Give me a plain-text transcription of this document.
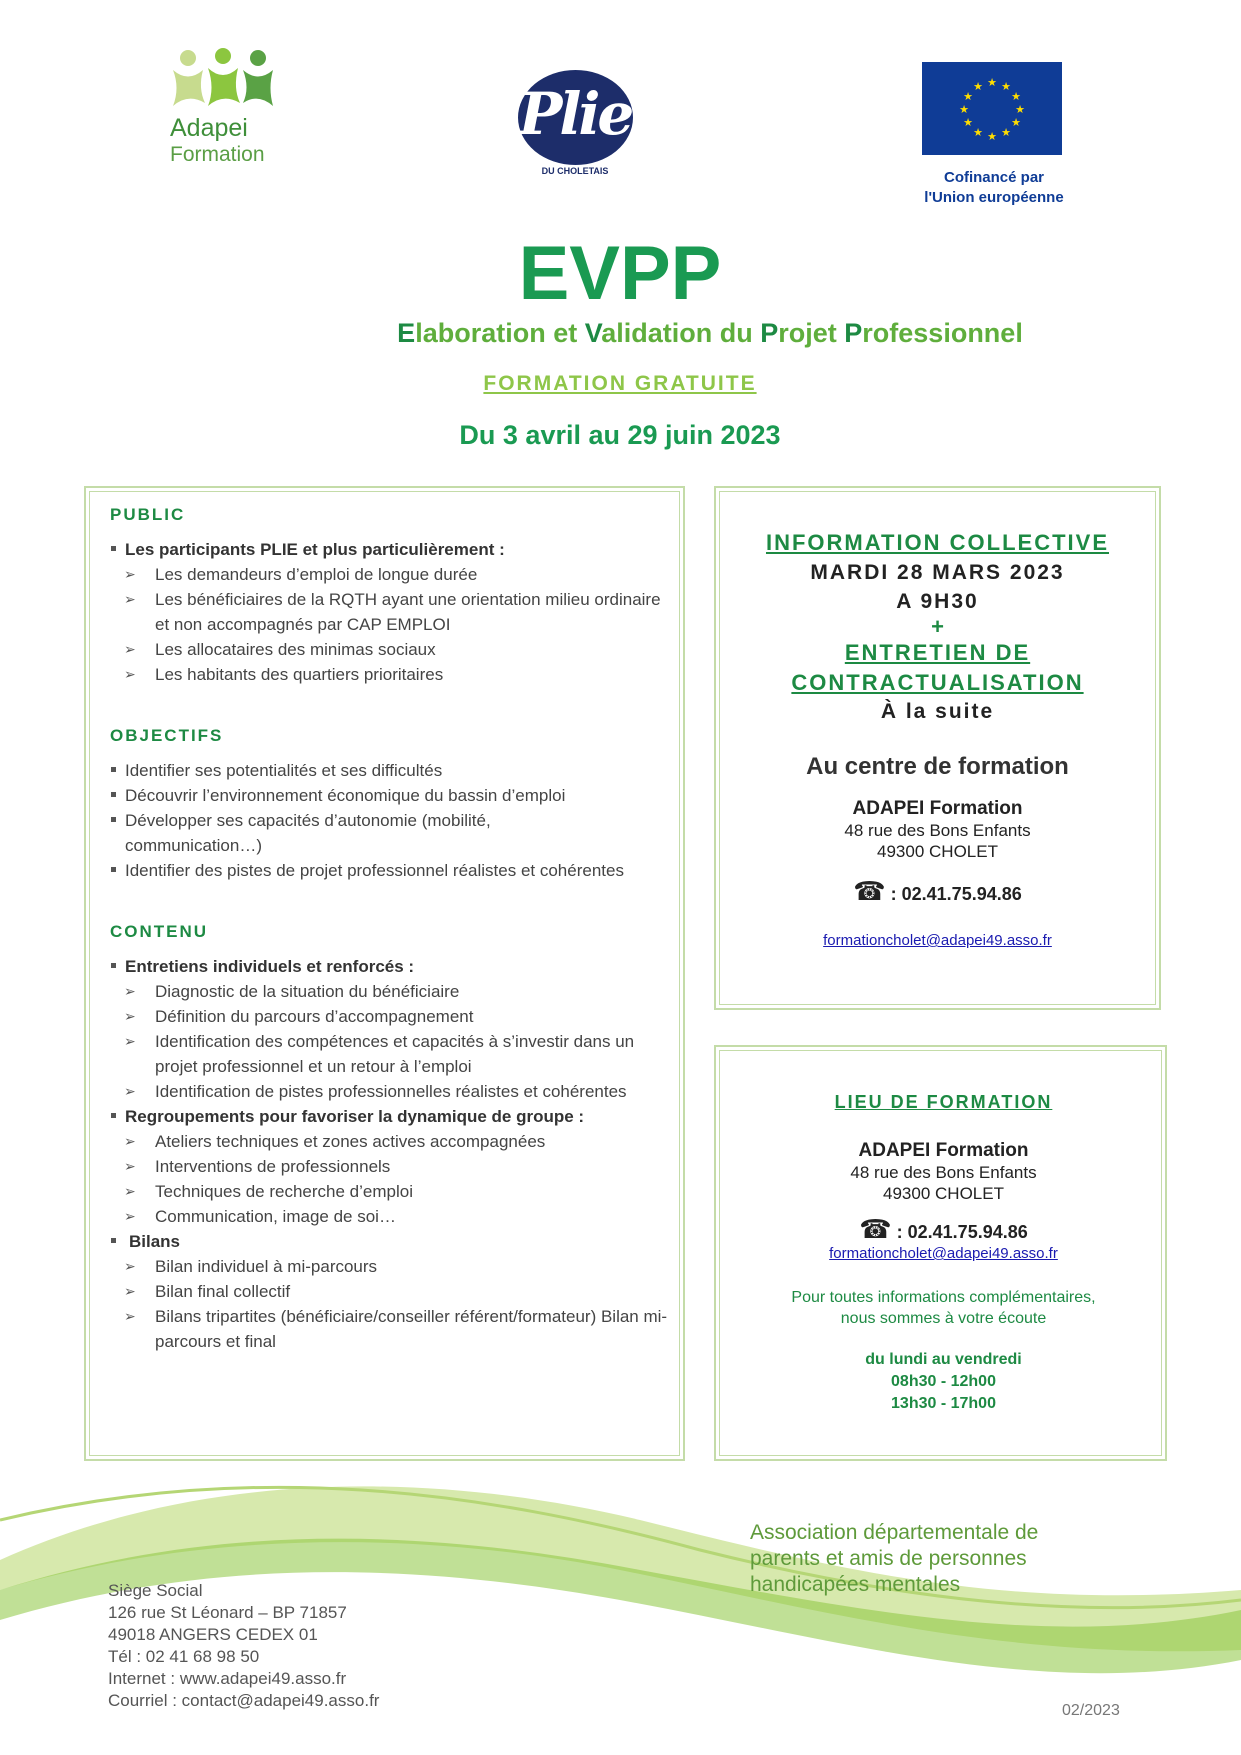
Adapei
Formation
Plie
DU CHOLETAIS
★ ★
★
★
★
★
★
★
★
★
★
★
Cofinancé par
l'Union européenne
EVPP
Elaboration et Validation du Projet Professionnel
FORMATION GRATUITE
Du 3 avril au 29 juin 2023
PUBLIC
Les participants PLIE et plus particulièrement :
➢ Les demandeurs d’emploi de longue durée
➢ Les bénéficiaires de la RQTH ayant une orientation milieu ordinaire et non accompagnés par CAP EMPLOI
➢ Les allocataires des minimas sociaux
➢ Les habitants des quartiers prioritaires
OBJECTIFS
Identifier ses potentialités et ses difficultés
Découvrir l’environnement économique du bassin d’emploi
Développer ses capacités d’autonomie (mobilité, communication…)
Identifier des pistes de projet professionnel réalistes et cohérentes
CONTENU
Entretiens individuels et renforcés :
➢ Diagnostic de la situation du bénéficiaire
➢ Définition du parcours d’accompagnement
➢ Identification des compétences et capacités à s’investir dans un projet professionnel et un retour à l’emploi
➢ Identification de pistes professionnelles réalistes et cohérentes
Regroupements pour favoriser la dynamique de groupe :
➢ Ateliers techniques et zones actives accompagnées
➢ Interventions de professionnels
➢ Techniques de recherche d’emploi
➢ Communication, image de soi…
Bilans
➢ Bilan individuel à mi-parcours
➢ Bilan final collectif
➢ Bilans tripartites (bénéficiaire/conseiller référent/formateur) Bilan mi-parcours et final
INFORMATION COLLECTIVE
MARDI 28 MARS 2023
A 9H30
+
ENTRETIEN DE
CONTRACTUALISATION
À la suite
Au centre de formation
ADAPEI Formation
48 rue des Bons Enfants
49300 CHOLET
☎ : 02.41.75.94.86
formationcholet@adapei49.asso.fr
LIEU DE FORMATION
ADAPEI Formation
48 rue des Bons Enfants
49300 CHOLET
☎ : 02.41.75.94.86
formationcholet@adapei49.asso.fr
Pour toutes informations complémentaires,
nous sommes à votre écoute
du lundi au vendredi
08h30 - 12h00
13h30 - 17h00
Association départementale de
parents et amis de personnes
handicapées mentales
Siège Social
126 rue St Léonard – BP 71857
49018 ANGERS CEDEX 01
Tél : 02 41 68 98 50
Internet : www.adapei49.asso.fr
Courriel : contact@adapei49.asso.fr
02/2023
